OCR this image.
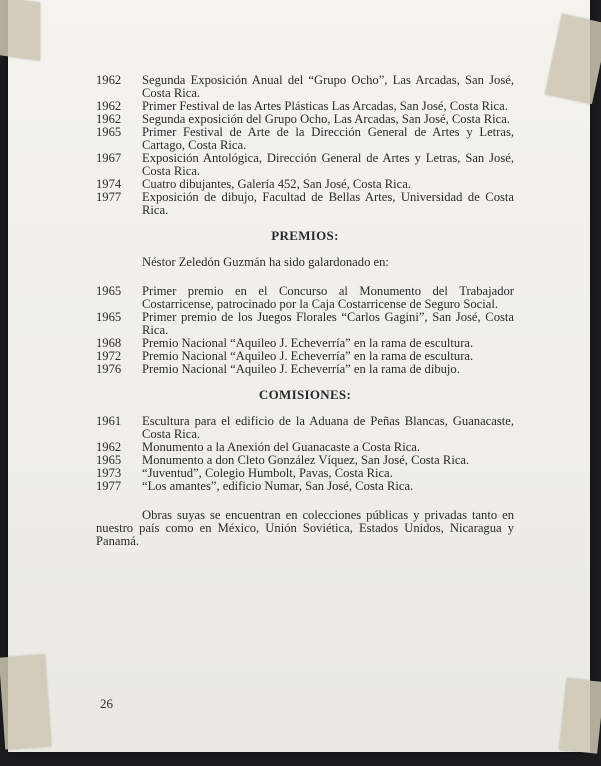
1962	Segunda Exposición Anual del “Grupo Ocho”, Las Arcadas, San José, Costa Rica.
1962	Primer Festival de las Artes Plásticas Las Arcadas, San José, Costa Rica.
1962	Segunda exposición del Grupo Ocho, Las Arcadas, San José, Costa Rica.
1965	Primer Festival de Arte de la Dirección General de Artes y Letras, Cartago, Costa Rica.
1967	Exposición Antológica, Dirección General de Artes y Letras, San José, Costa Rica.
1974	Cuatro dibujantes, Galería 452, San José, Costa Rica.
1977	Exposición de dibujo, Facultad de Bellas Artes, Universidad de Costa Rica.
PREMIOS:
Néstor Zeledón Guzmán ha sido galardonado en:
1965	Primer premio en el Concurso al Monumento del Trabajador Costarricense, patrocinado por la Caja Costarricense de Seguro Social.
1965	Primer premio de los Juegos Florales “Carlos Gagini”, San José, Costa Rica.
1968	Premio Nacional “Aquileo J. Echeverría” en la rama de escultura.
1972	Premio Nacional “Aquileo J. Echeverría” en la rama de escultura.
1976	Premio Nacional “Aquileo J. Echeverría” en la rama de dibujo.
COMISIONES:
1961	Escultura para el edificio de la Aduana de Peñas Blancas, Guanacaste, Costa Rica.
1962	Monumento a la Anexión del Guanacaste a Costa Rica.
1965	Monumento a don Cleto González Víquez, San José, Costa Rica.
1973	“Juventud”, Colegio Humbolt, Pavas, Costa Rica.
1977	“Los amantes”, edificio Numar, San José, Costa Rica.
Obras suyas se encuentran en colecciones públicas y privadas tanto en nuestro país como en México, Unión Soviética, Estados Unidos, Nicaragua y Panamá.
26
